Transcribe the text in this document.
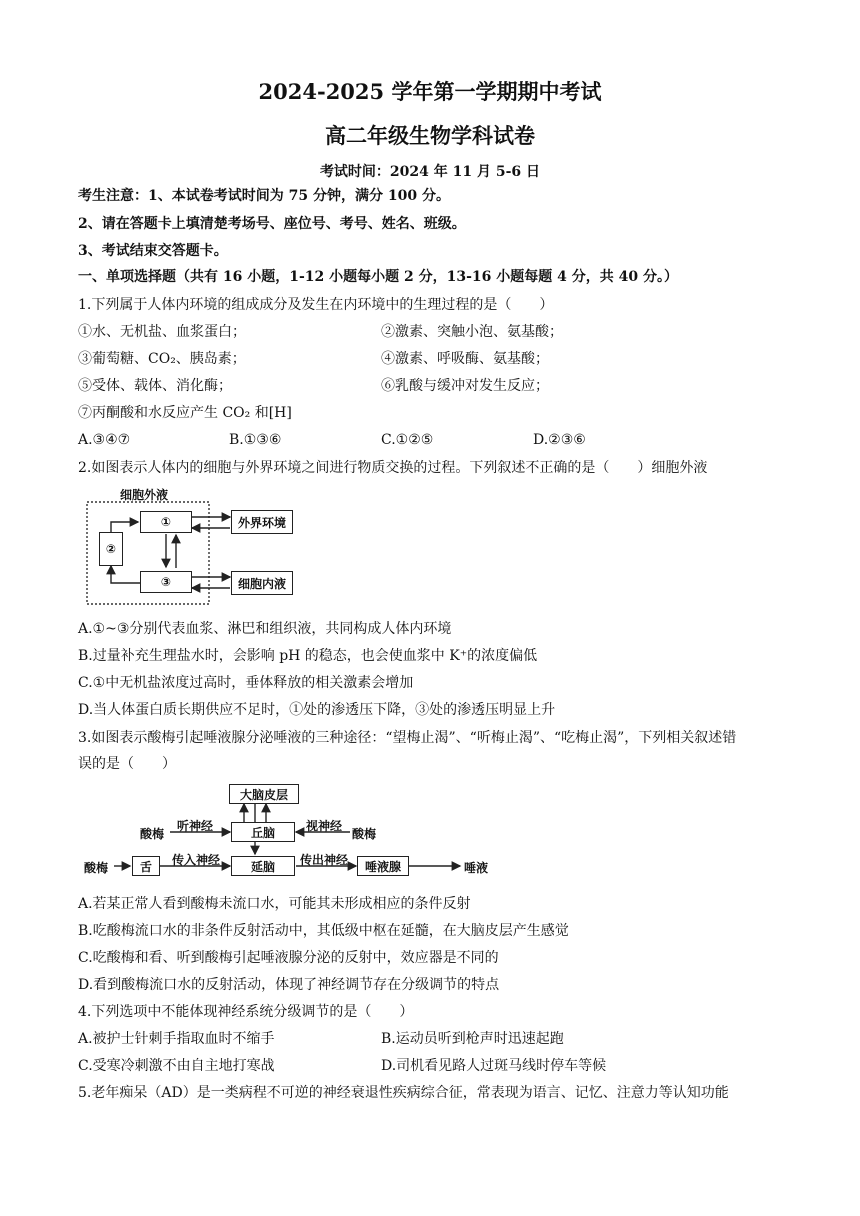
2024-2025 学年第一学期期中考试
高二年级生物学科试卷
考试时间：2024 年 11 月 5-6 日
考生注意：1、本试卷考试时间为 75 分钟，满分 100 分。
2、请在答题卡上填清楚考场号、座位号、考号、姓名、班级。
3、考试结束交答题卡。
一、单项选择题（共有 16 小题，1-12 小题每小题 2 分，13-16 小题每题 4 分，共 40 分。）
1.下列属于人体内环境的组成成分及发生在内环境中的生理过程的是（　　）
①水、无机盐、血浆蛋白；	②激素、突触小泡、氨基酸；
③葡萄糖、CO₂、胰岛素；	④激素、呼吸酶、氨基酸；
⑤受体、载体、消化酶；	⑥乳酸与缓冲对发生反应；
⑦丙酮酸和水反应产生 CO₂ 和[H]
A.③④⑦	B.①③⑥	C.①②⑤	D.②③⑥
2.如图表示人体内的细胞与外界环境之间进行物质交换的过程。下列叙述不正确的是（　　）细胞外液
细胞外液
①
②
③
外界环境
细胞内液
A.①~③分别代表血浆、淋巴和组织液，共同构成人体内环境
B.过量补充生理盐水时，会影响 pH 的稳态，也会使血浆中 K⁺的浓度偏低
C.①中无机盐浓度过高时，垂体释放的相关激素会增加
D.当人体蛋白质长期供应不足时，①处的渗透压下降，③处的渗透压明显上升
3.如图表示酸梅引起唾液腺分泌唾液的三种途径：“望梅止渴”、“听梅止渴”、“吃梅止渴”，下列相关叙述错
误的是（　　）
大脑皮层
丘脑
延脑
舌	唾液腺
酸梅	酸梅
酸梅
听神经	视神经
传入神经	传出神经
唾液
A.若某正常人看到酸梅未流口水，可能其未形成相应的条件反射
B.吃酸梅流口水的非条件反射活动中，其低级中枢在延髓，在大脑皮层产生感觉
C.吃酸梅和看、听到酸梅引起唾液腺分泌的反射中，效应器是不同的
D.看到酸梅流口水的反射活动，体现了神经调节存在分级调节的特点
4.下列选项中不能体现神经系统分级调节的是（　　）
A.被护士针刺手指取血时不缩手	B.运动员听到枪声时迅速起跑
C.受寒冷刺激不由自主地打寒战	D.司机看见路人过斑马线时停车等候
5.老年痴呆（AD）是一类病程不可逆的神经衰退性疾病综合征，常表现为语言、记忆、注意力等认知功能
